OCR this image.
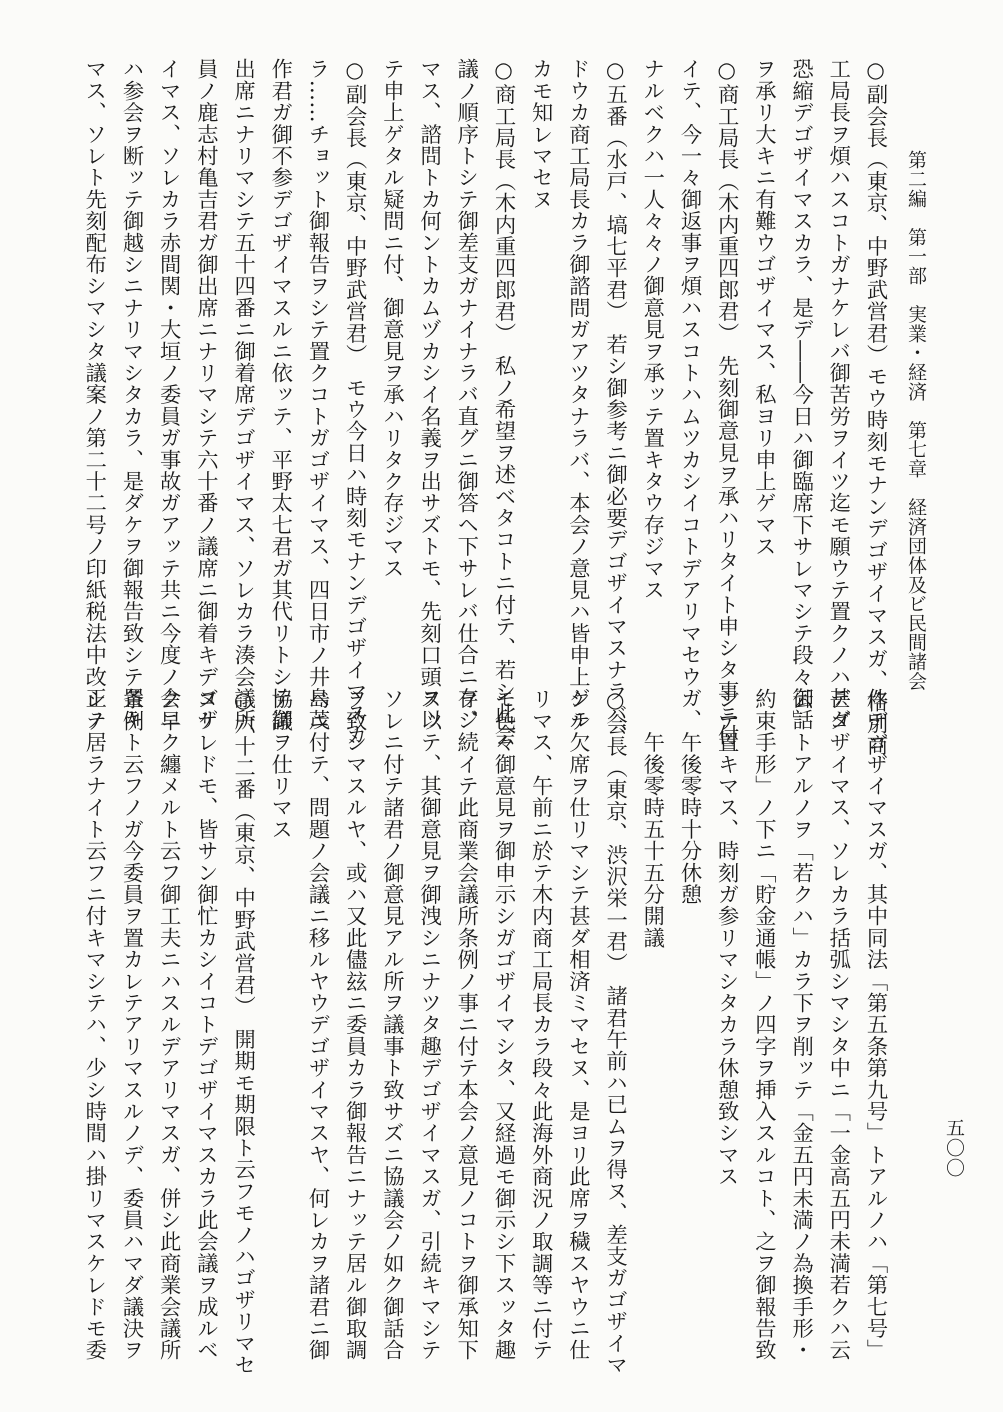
第二編　第一部　実業・経済　第七章　経済団体及ビ民間諸会
五〇〇
○副会長（東京、中野武営君）モウ時刻モナンデゴザイマスガ、格別商
工局長ヲ煩ハスコトガナケレバ御苦労ヲイツ迄モ願ウテ置クノハ甚ダ
恐縮デゴザイマスカラ、是デ――今日ハ御臨席下サレマシテ段々御話
ヲ承リ大キニ有難ウゴザイマス、私ヨリ申上ゲマス
○商工局長（木内重四郎君）　先刻御意見ヲ承ハリタイト申シタ事ニ付
イテ、今一々御返事ヲ煩ハスコトハムツカシイコトデアリマセウガ、
ナルベクハ一人々々ノ御意見ヲ承ッテ置キタウ存ジマス
○五番（水戸、塙七平君）　若シ御参考ニ御必要デゴザイマスナラバ、
ドウカ商工局長カラ御諮問ガアツタナラバ、本会ノ意見ハ皆申上ゲル
カモ知レマセヌ
○商工局長（木内重四郎君）　私ノ希望ヲ述ベタコトニ付テ、若シ此会
議ノ順序トシテ御差支ガナイナラバ直グニ御答ヘ下サレバ仕合ニ存ジ
マス、諮問トカ何ントカムヅカシイ名義ヲ出サズトモ、先刻口頭ヲ以
テ申上ゲタル疑問ニ付、御意見ヲ承ハリタク存ジマス
○副会長（東京、中野武営君）　モウ今日ハ時刻モナンデゴザイマスカ
ラ……チョット御報告ヲシテ置クコトガゴザイマス、四日市ノ井島茂
作君ガ御不参デゴザイマスルニ依ッテ、平野太七君ガ其代リトシテ御
出席ニナリマシテ五十四番ニ御着席デゴザイマス、ソレカラ湊会議所
員ノ鹿志村亀吉君ガ御出席ニナリマシテ六十番ノ議席ニ御着キデゴザ
イマス、ソレカラ赤間関・大垣ノ委員ガ事故ガアッテ共ニ今度ノ会ニ
ハ参会ヲ断ッテ御越シニナリマシタカラ、是ダケヲ御報告致シテ置キ
マス、ソレト先刻配布シマシタ議案ノ第二十二号ノ印紙税法中改正ノ
件デゴザイマスガ、其中同法「第五条第九号」トアルノハ「第七号」
デゴザイマス、ソレカラ括弧シマシタ中ニ「一金高五円未満若クハ云
云」トアルノヲ「若クハ」カラ下ヲ削ッテ「金五円未満ノ為換手形・
約束手形」ノ下ニ「貯金通帳」ノ四字ヲ挿入スルコト、之ヲ御報告致
シテ置キマス、時刻ガ参リマシタカラ休憩致シマス
　　午後零時十分休憩
　　午後零時五十五分開議
○会長（東京、渋沢栄一君）　諸君午前ハ已ムヲ得ヌ、差支ガゴザイマ
シテ欠席ヲ仕リマシテ甚ダ相済ミマセヌ、是ヨリ此席ヲ穢スヤウニ仕
リマス、午前ニ於テ木内商工局長カラ段々此海外商況ノ取調等ニ付テ
モ色々御意見ヲ御申示シガゴザイマシタ、又経過モ御示シ下スッタ趣
ヲ、続イテ此商業会議所条例ノ事ニ付テ本会ノ意見ノコトヲ御承知下
スッテ、其御意見ヲ御洩シニナツタ趣デゴザイマスガ、引続キマシテ
ソレニ付テ諸君ノ御意見アル所ヲ議事ト致サズニ協議会ノ如ク御話合
ヲ致シマスルヤ、或ハ又此儘玆ニ委員カラ御報告ニナッテ居ル御取調
ベニ付テ、問題ノ会議ニ移ルヤウデゴザイマスヤ、何レカヲ諸君ニ御
協議ヲ仕リマス
○六十二番（東京、中野武営君）　開期モ期限ト云フモノハゴザリマセ
ヌケレドモ、皆サン御忙カシイコトデゴザイマスカラ此会議ヲ成ルベ
ク早ク纏メルト云フ御工夫ニハスルデアリマスガ、併シ此商業会議所
条例ト云フノガ今委員ヲ置カレテアリマスルノデ、委員ハマダ議決ヲ
シテ居ラナイト云フニ付キマシテハ、少シ時間ハ掛リマスケレドモ委
